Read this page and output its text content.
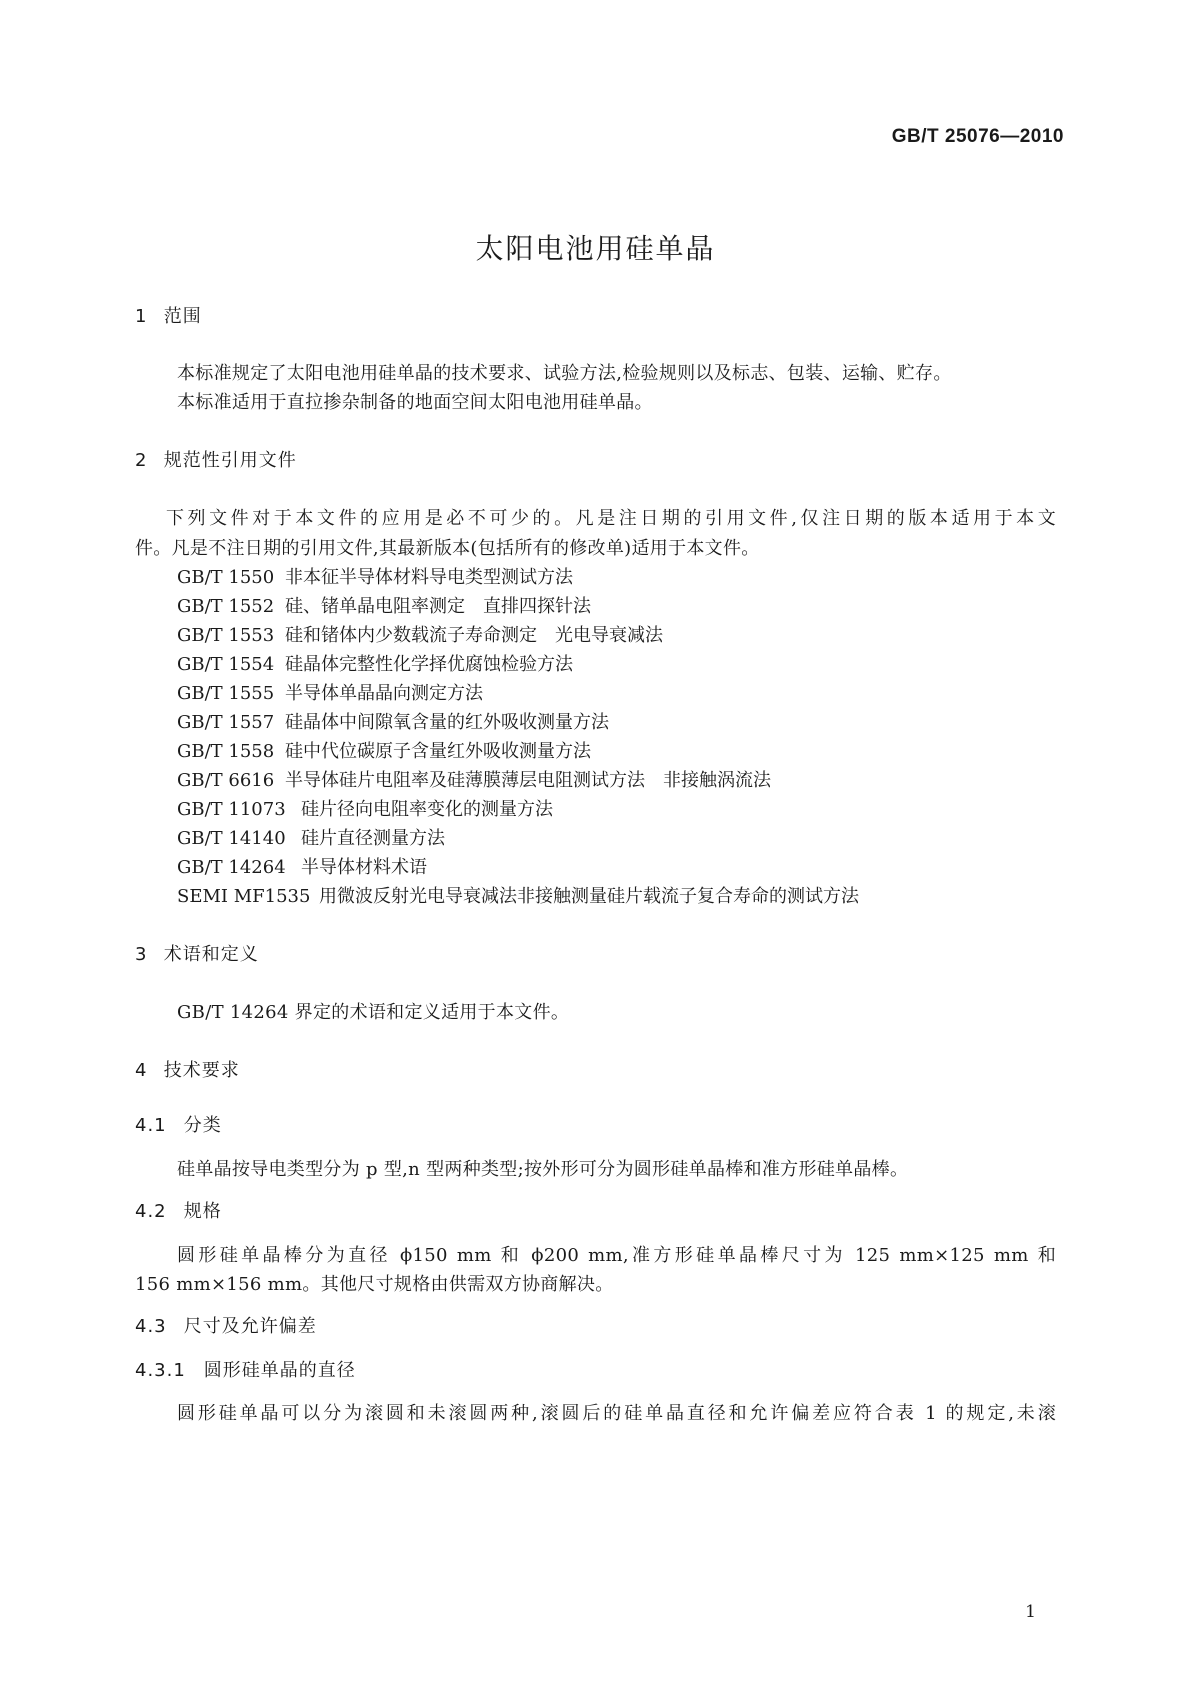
GB/T 25076—2010
太阳电池用硅单晶
1 范围
本标准规定了太阳电池用硅单晶的技术要求、试验方法,检验规则以及标志、包装、运输、贮存。
本标准适用于直拉掺杂制备的地面空间太阳电池用硅单晶。
2 规范性引用文件
下列文件对于本文件的应用是必不可少的。凡是注日期的引用文件,仅注日期的版本适用于本文
件。凡是不注日期的引用文件,其最新版本(包括所有的修改单)适用于本文件。
GB/T 1550 非本征半导体材料导电类型测试方法
GB/T 1552 硅、锗单晶电阻率测定　直排四探针法
GB/T 1553 硅和锗体内少数载流子寿命测定　光电导衰减法
GB/T 1554 硅晶体完整性化学择优腐蚀检验方法
GB/T 1555 半导体单晶晶向测定方法
GB/T 1557 硅晶体中间隙氧含量的红外吸收测量方法
GB/T 1558 硅中代位碳原子含量红外吸收测量方法
GB/T 6616 半导体硅片电阻率及硅薄膜薄层电阻测试方法　非接触涡流法
GB/T 11073 硅片径向电阻率变化的测量方法
GB/T 14140 硅片直径测量方法
GB/T 14264 半导体材料术语
SEMI MF1535 用微波反射光电导衰减法非接触测量硅片载流子复合寿命的测试方法
3 术语和定义
GB/T 14264 界定的术语和定义适用于本文件。
4 技术要求
4.1 分类
硅单晶按导电类型分为 p 型,n 型两种类型;按外形可分为圆形硅单晶棒和准方形硅单晶棒。
4.2 规格
圆形硅单晶棒分为直径 ϕ150 mm 和 ϕ200 mm,准方形硅单晶棒尺寸为 125 mm×125 mm 和
156 mm×156 mm。其他尺寸规格由供需双方协商解决。
4.3 尺寸及允许偏差
4.3.1 圆形硅单晶的直径
圆形硅单晶可以分为滚圆和未滚圆两种,滚圆后的硅单晶直径和允许偏差应符合表 1 的规定,未滚
1
